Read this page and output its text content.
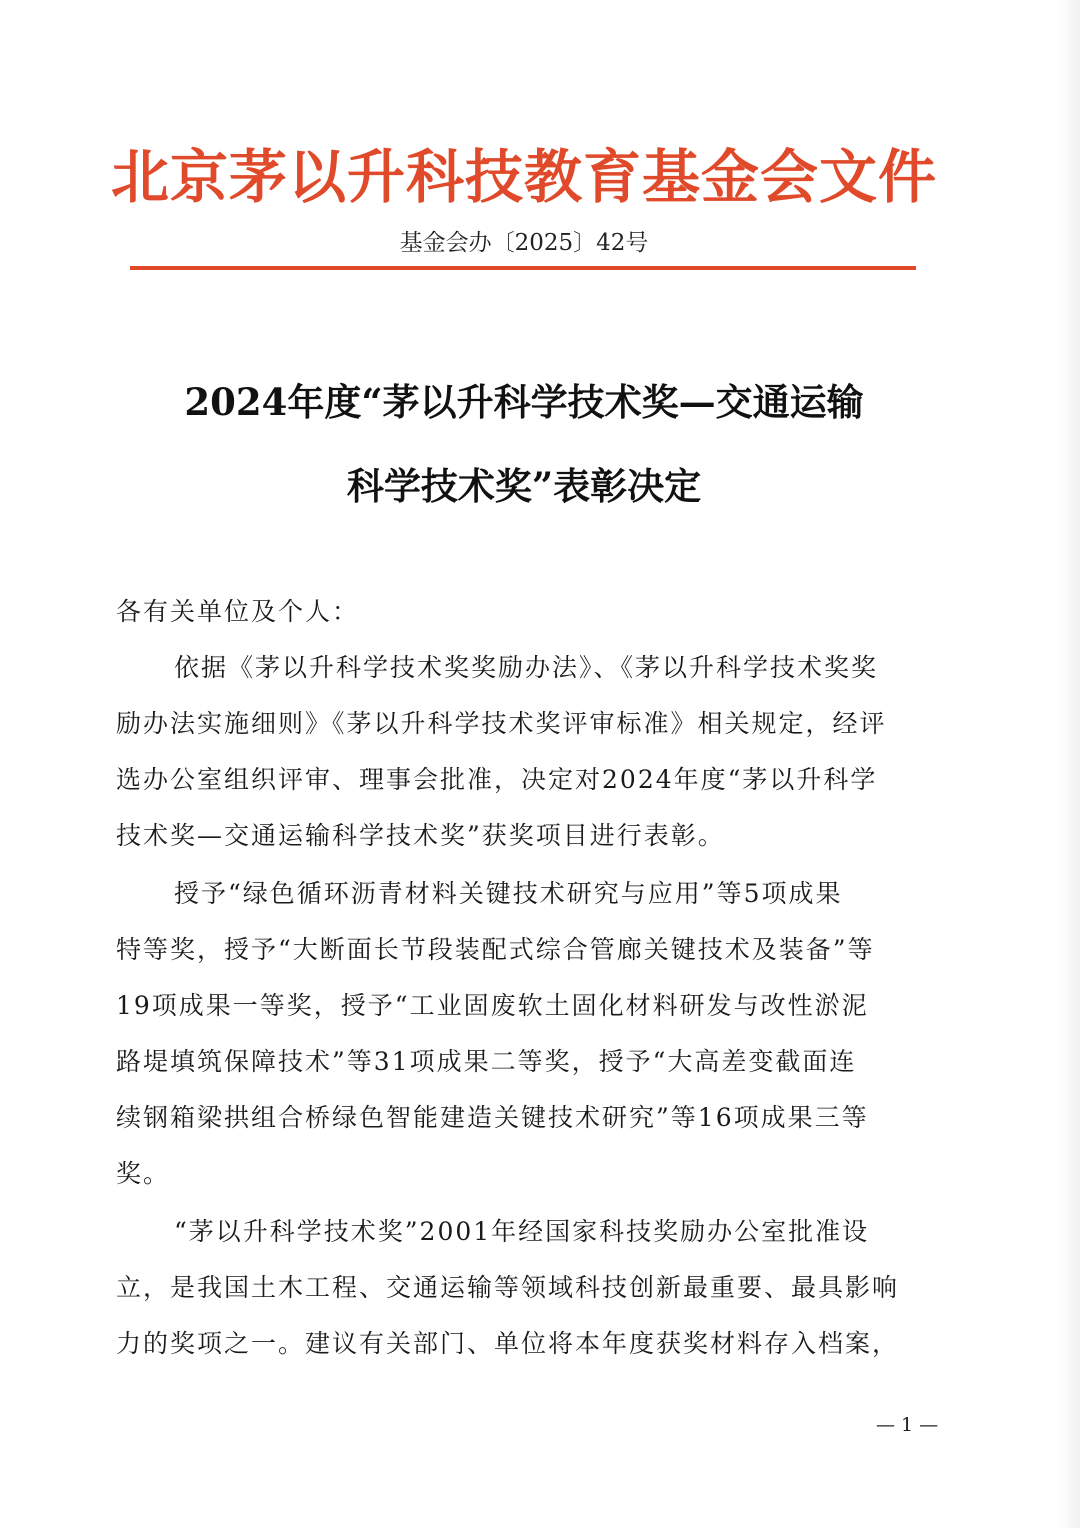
北京茅以升科技教育基金会文件
基金会办〔2025〕42号
2024年度“茅以升科学技术奖—交通运输
科学技术奖”表彰决定
各有关单位及个人：
依据《茅以升科学技术奖奖励办法》、《茅以升科学技术奖奖
励办法实施细则》《茅以升科学技术奖评审标准》相关规定，经评
选办公室组织评审、理事会批准，决定对2024年度“茅以升科学
技术奖—交通运输科学技术奖”获奖项目进行表彰。
授予“绿色循环沥青材料关键技术研究与应用”等5项成果
特等奖，授予“大断面长节段装配式综合管廊关键技术及装备”等
19项成果一等奖，授予“工业固废软土固化材料研发与改性淤泥
路堤填筑保障技术”等31项成果二等奖，授予“大高差变截面连
续钢箱梁拱组合桥绿色智能建造关键技术研究”等16项成果三等
奖。
“茅以升科学技术奖”2001年经国家科技奖励办公室批准设
立，是我国土木工程、交通运输等领域科技创新最重要、最具影响
力的奖项之一。建议有关部门、单位将本年度获奖材料存入档案，
— 1 —
